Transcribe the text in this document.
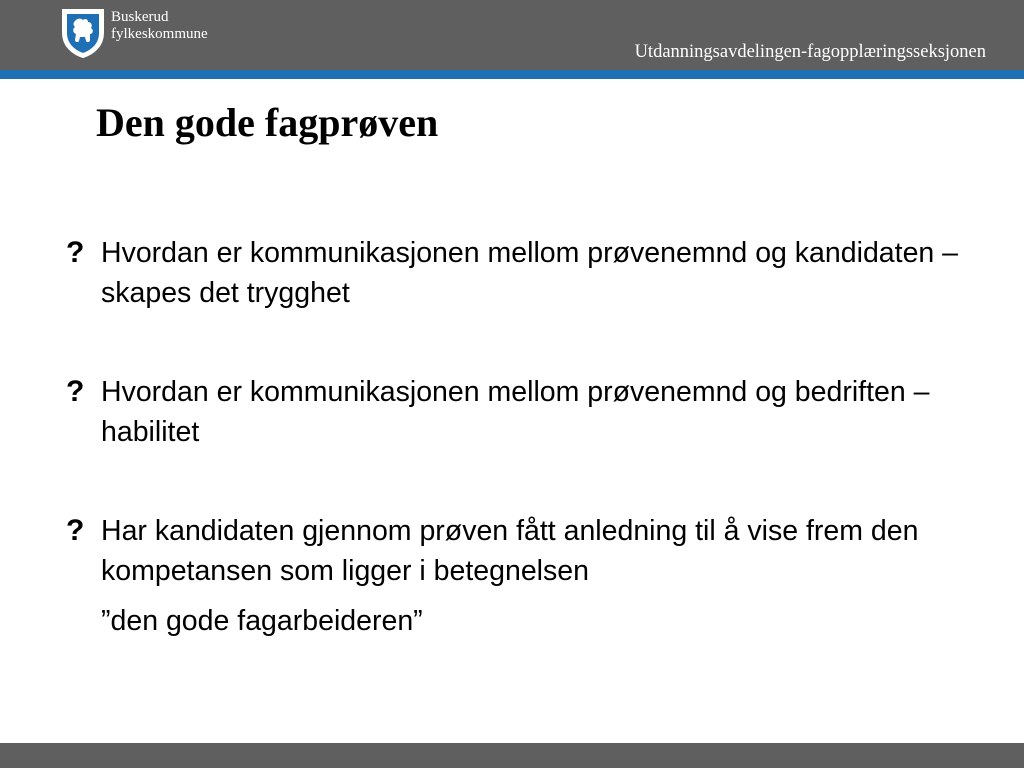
Buskerud
fylkeskommune
Utdanningsavdelingen-fagopplæringsseksjonen
Den gode fagprøven
? Hvordan er kommunikasjonen mellom prøvenemnd og kandidaten – skapes det trygghet
? Hvordan er kommunikasjonen mellom prøvenemnd og bedriften – habilitet
? Har kandidaten gjennom prøven fått anledning til å vise frem den kompetansen som ligger i betegnelsen
”den gode fagarbeideren”
